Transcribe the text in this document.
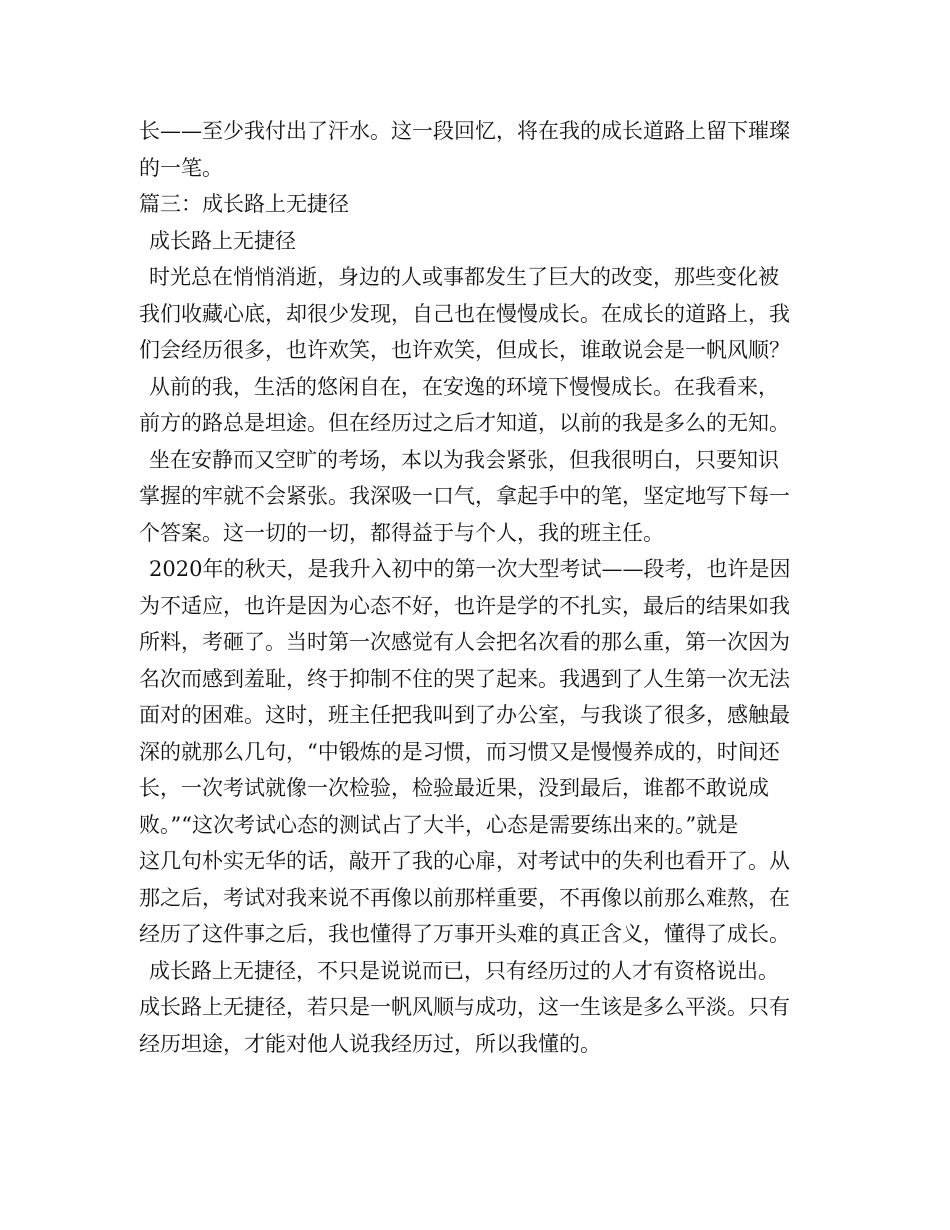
长——至少我付出了汗水。这一段回忆，将在我的成长道路上留下璀璨
的一笔。
篇三：成长路上无捷径
成长路上无捷径
时光总在悄悄消逝，身边的人或事都发生了巨大的改变，那些变化被
我们收藏心底，却很少发现，自己也在慢慢成长。在成长的道路上，我
们会经历很多，也许欢笑，也许欢笑，但成长，谁敢说会是一帆风顺？
从前的我，生活的悠闲自在，在安逸的环境下慢慢成长。在我看来，
前方的路总是坦途。但在经历过之后才知道，以前的我是多么的无知。
坐在安静而又空旷的考场，本以为我会紧张，但我很明白，只要知识
掌握的牢就不会紧张。我深吸一口气，拿起手中的笔，坚定地写下每一
个答案。这一切的一切，都得益于与个人，我的班主任。
2020年的秋天，是我升入初中的第一次大型考试——段考，也许是因
为不适应，也许是因为心态不好，也许是学的不扎实，最后的结果如我
所料，考砸了。当时第一次感觉有人会把名次看的那么重，第一次因为
名次而感到羞耻，终于抑制不住的哭了起来。我遇到了人生第一次无法
面对的困难。这时，班主任把我叫到了办公室，与我谈了很多，感触最
深的就那么几句，“中锻炼的是习惯，而习惯又是慢慢养成的，时间还
长，一次考试就像一次检验，检验最近果，没到最后，谁都不敢说成
败。”“这次考试心态的测试占了大半，心态是需要练出来的。”就是
这几句朴实无华的话，敲开了我的心扉，对考试中的失利也看开了。从
那之后，考试对我来说不再像以前那样重要，不再像以前那么难熬，在
经历了这件事之后，我也懂得了万事开头难的真正含义，懂得了成长。
成长路上无捷径，不只是说说而已，只有经历过的人才有资格说出。
成长路上无捷径，若只是一帆风顺与成功，这一生该是多么平淡。只有
经历坦途，才能对他人说我经历过，所以我懂的。
